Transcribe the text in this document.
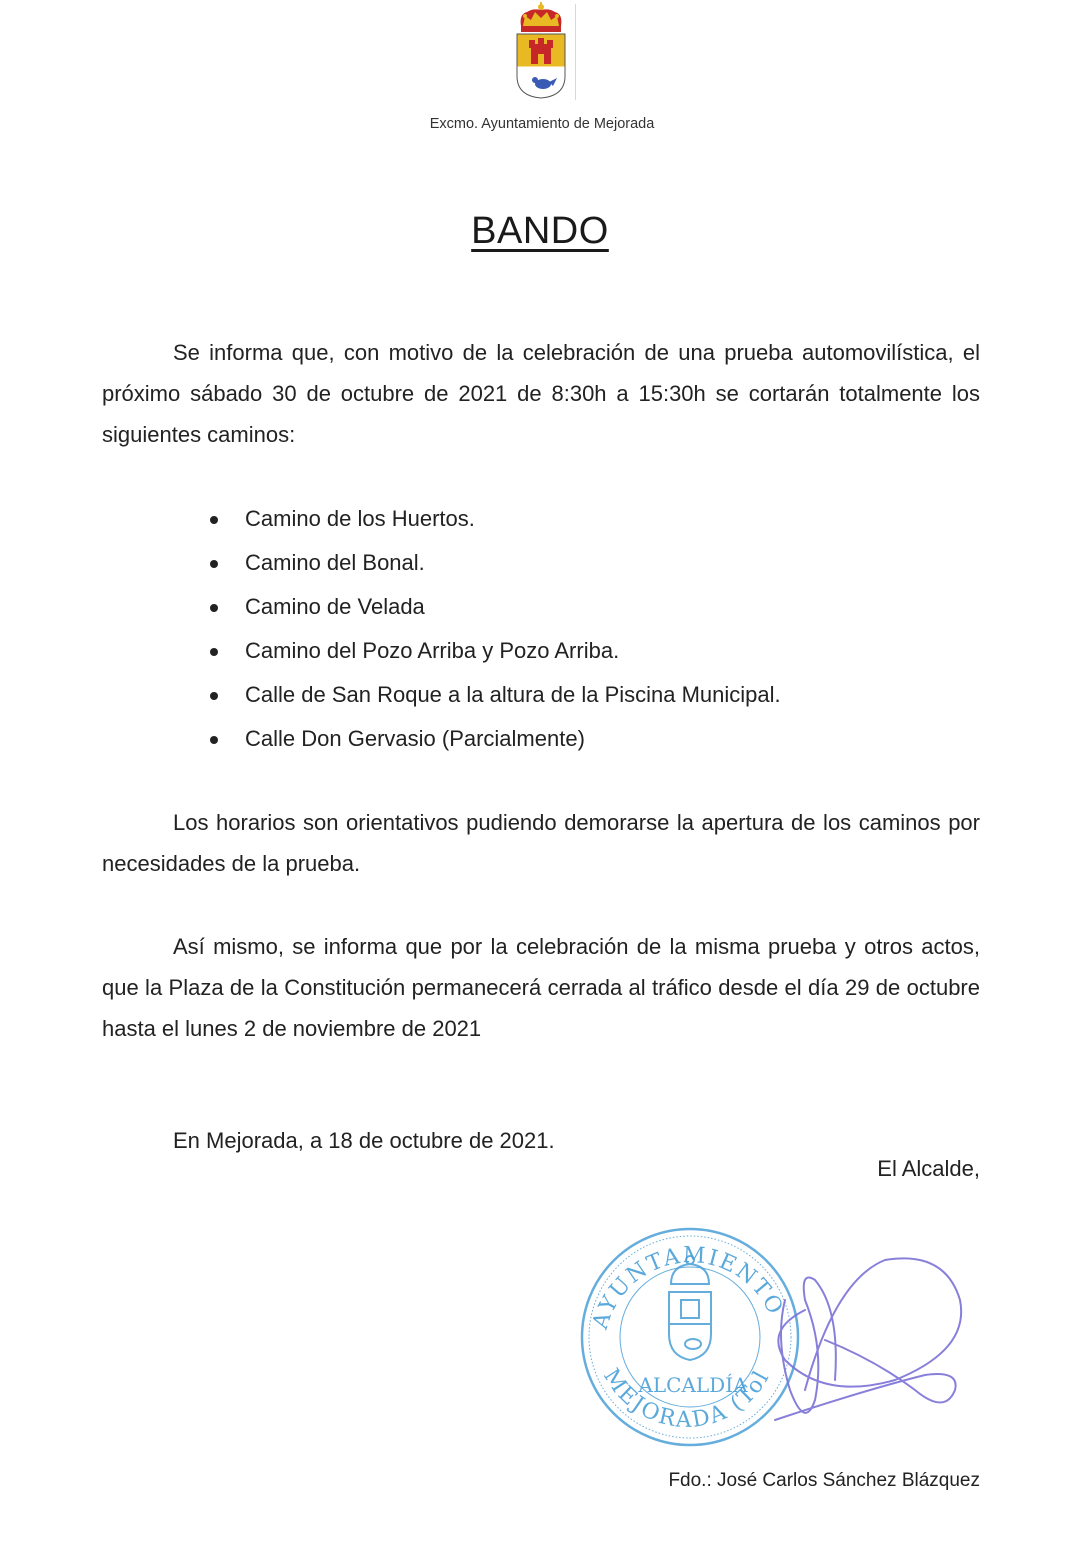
Excmo. Ayuntamiento de Mejorada
BANDO

Se informa que, con motivo de la celebración de una prueba automovilística, el próximo sábado 30 de octubre de 2021 de 8:30h a 15:30h se cortarán totalmente los siguientes caminos:

Camino de los Huertos.
Camino del Bonal.
Camino de Velada
Camino del Pozo Arriba y Pozo Arriba.
Calle de San Roque a la altura de la Piscina Municipal.
Calle Don Gervasio (Parcialmente)

Los horarios son orientativos pudiendo demorarse la apertura de los caminos por necesidades de la prueba.

Así mismo, se informa que por la celebración de la misma prueba y otros actos, que la Plaza de la Constitución permanecerá cerrada al tráfico desde el día 29 de octubre hasta el lunes 2 de noviembre de 2021

En Mejorada, a 18 de octubre de 2021.
El Alcalde,
AYUNTAMIENTO
MEJORADA (Tol
ALCALDÍA
Fdo.: José Carlos Sánchez Blázquez
